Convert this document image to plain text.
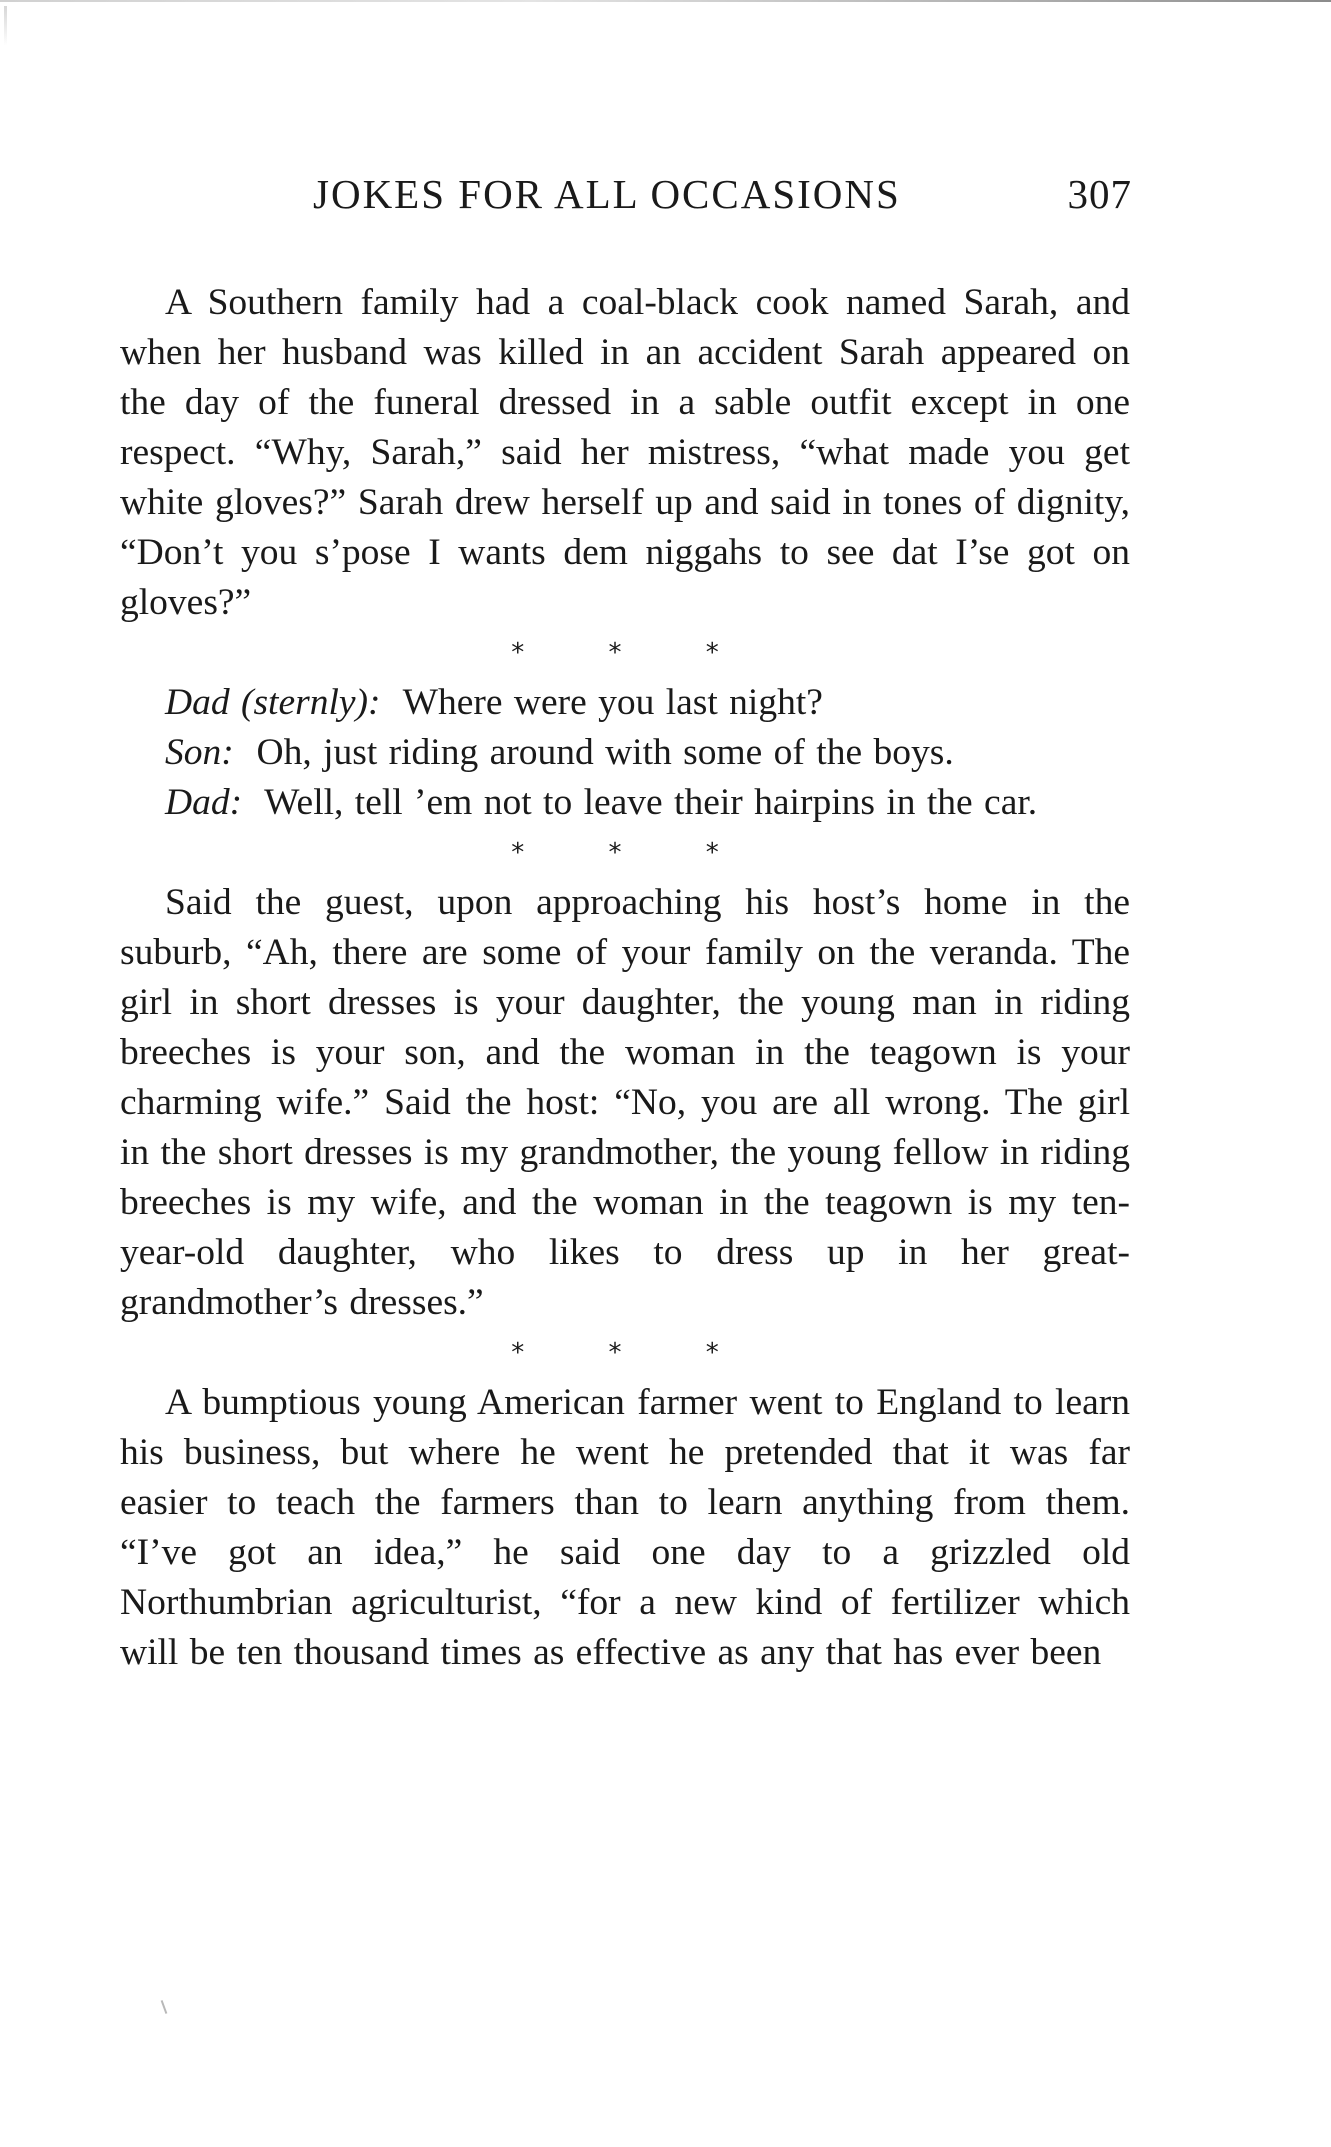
JOKES FOR ALL OCCASIONS	307

A Southern family had a coal-black cook named Sarah, and when her husband was killed in an accident Sarah appeared on the day of the funeral dressed in a sable outfit except in one respect. “Why, Sarah,” said her mistress, “what made you get white gloves?” Sarah drew herself up and said in tones of dignity, “Don’t you s’pose I wants dem niggahs to see dat I’se got on gloves?”

* * *

Dad (sternly): Where were you last night?

Son: Oh, just riding around with some of the boys.

Dad: Well, tell ’em not to leave their hairpins in the car.

* * *

Said the guest, upon approaching his host’s home in the suburb, “Ah, there are some of your family on the veranda. The girl in short dresses is your daughter, the young man in riding breeches is your son, and the woman in the teagown is your charming wife.” Said the host: “No, you are all wrong. The girl in the short dresses is my grandmother, the young fellow in riding breeches is my wife, and the woman in the teagown is my ten-year-old daughter, who likes to dress up in her great-grandmother’s dresses.”

* * *

A bumptious young American farmer went to England to learn his business, but where he went he pretended that it was far easier to teach the farmers than to learn anything from them. “I’ve got an idea,” he said one day to a grizzled old Northumbrian agriculturist, “for a new kind of fertilizer which will be ten thousand times as effective as any that has ever been
